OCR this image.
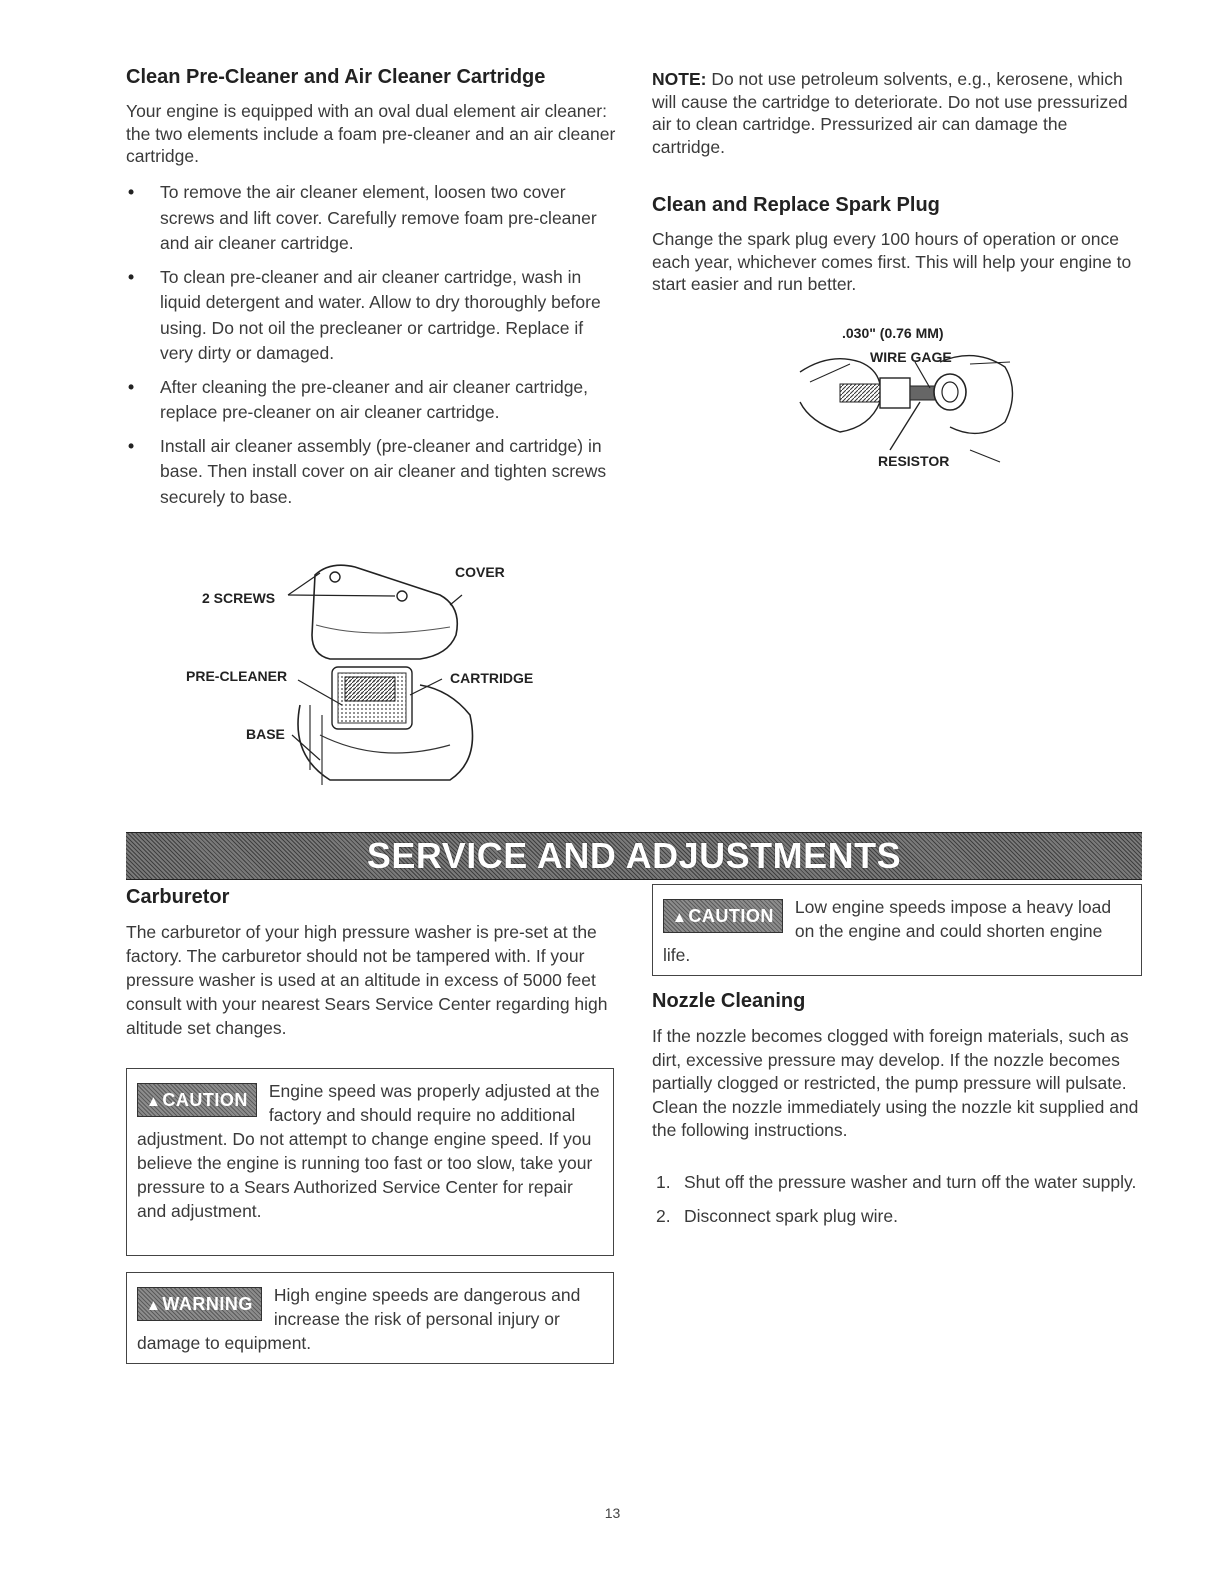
Clean Pre-Cleaner and Air Cleaner Cartridge

Your engine is equipped with an oval dual element air cleaner: the two elements include a foam pre-cleaner and an air cleaner cartridge.

•	To remove the air cleaner element, loosen two cover screws and lift cover. Carefully remove foam pre-cleaner and air cleaner cartridge.
•	To clean pre-cleaner and air cleaner cartridge, wash in liquid detergent and water. Allow to dry thoroughly before using. Do not oil the precleaner or cartridge. Replace if very dirty or damaged.
•	After cleaning the pre-cleaner and air cleaner cartridge, replace pre-cleaner on air cleaner cartridge.
•	Install air cleaner assembly (pre-cleaner and cartridge) in base. Then install cover on air cleaner and tighten screws securely to base.
2 SCREWS
COVER
PRE-CLEANER	CARTRIDGE
BASE

NOTE: Do not use petroleum solvents, e.g., kerosene, which will cause the cartridge to deteriorate. Do not use pressurized air to clean cartridge. Pressurized air can damage the cartridge.

Clean and Replace Spark Plug

Change the spark plug every 100 hours of operation or once each year, whichever comes first. This will help your engine to start easier and run better.

.030" (0.76 MM)
WIRE GAGE
RESISTOR
SERVICE AND ADJUSTMENTS
Carburetor

The carburetor of your high pressure washer is pre-set at the factory. The carburetor should not be tampered with. If your pressure washer is used at an altitude in excess of 5000 feet consult with your nearest Sears Service Center regarding high altitude set changes.

▲CAUTION	Engine speed was properly adjusted at the factory and should require no additional adjustment. Do not attempt to change engine speed. If you believe the engine is running too fast or too slow, take your pressure to a Sears Authorized Service Center for repair and adjustment.
▲WARNING	High engine speeds are dangerous and increase the risk of personal injury or damage to equipment.
▲CAUTION	Low engine speeds impose a heavy load on the engine and could shorten engine life.
Nozzle Cleaning

If the nozzle becomes clogged with foreign materials, such as dirt, excessive pressure may develop. If the nozzle becomes partially clogged or restricted, the pump pressure will pulsate. Clean the nozzle immediately using the nozzle kit supplied and the following instructions.

1. Shut off the pressure washer and turn off the water supply.
2. Disconnect spark plug wire.
13
